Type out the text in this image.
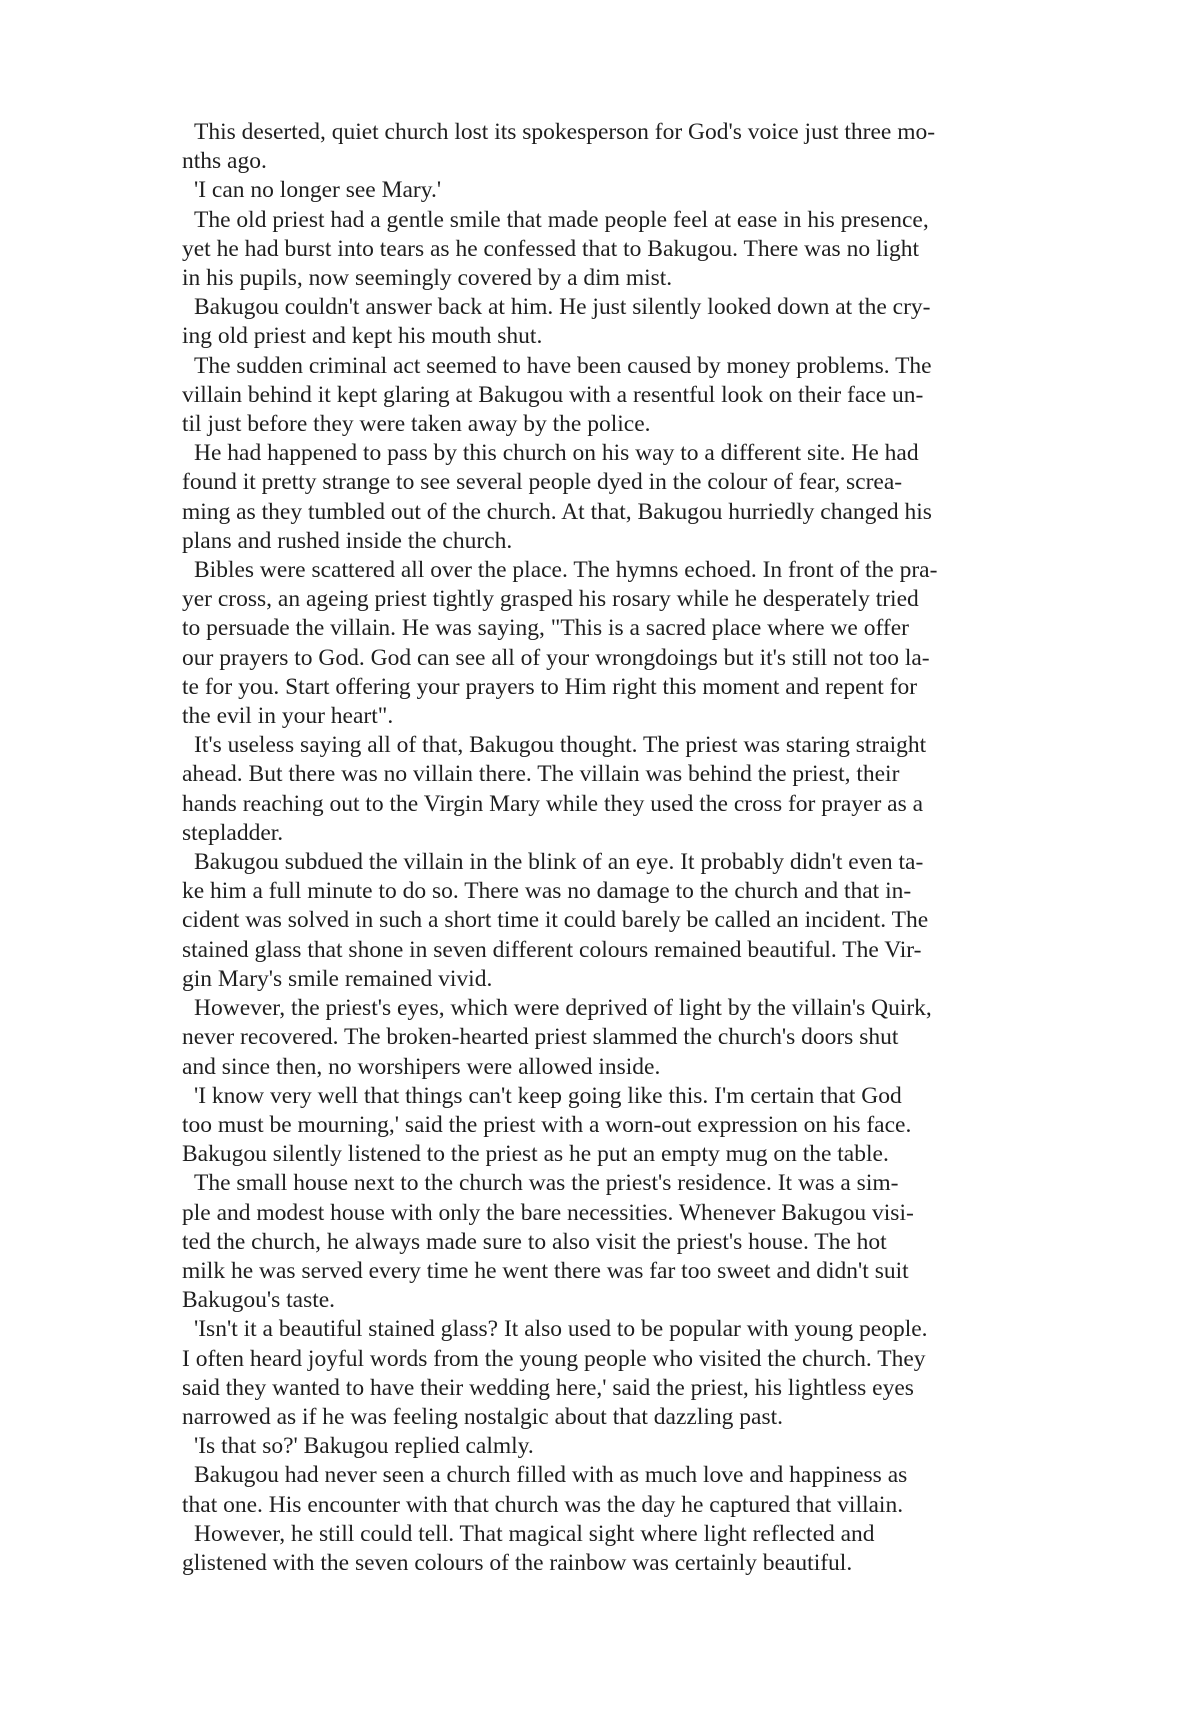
This deserted, quiet church lost its spokesperson for God's voice just three mo-
nths ago.
'I can no longer see Mary.'
The old priest had a gentle smile that made people feel at ease in his presence,
yet he had burst into tears as he confessed that to Bakugou. There was no light
in his pupils, now seemingly covered by a dim mist.
Bakugou couldn't answer back at him. He just silently looked down at the cry-
ing old priest and kept his mouth shut.
The sudden criminal act seemed to have been caused by money problems. The
villain behind it kept glaring at Bakugou with a resentful look on their face un-
til just before they were taken away by the police.
He had happened to pass by this church on his way to a different site. He had
found it pretty strange to see several people dyed in the colour of fear, screa-
ming as they tumbled out of the church. At that, Bakugou hurriedly changed his
plans and rushed inside the church.
Bibles were scattered all over the place. The hymns echoed. In front of the pra-
yer cross, an ageing priest tightly grasped his rosary while he desperately tried
to persuade the villain. He was saying, "This is a sacred place where we offer
our prayers to God. God can see all of your wrongdoings but it's still not too la-
te for you. Start offering your prayers to Him right this moment and repent for
the evil in your heart".
It's useless saying all of that, Bakugou thought. The priest was staring straight
ahead. But there was no villain there. The villain was behind the priest, their
hands reaching out to the Virgin Mary while they used the cross for prayer as a
stepladder.
Bakugou subdued the villain in the blink of an eye. It probably didn't even ta-
ke him a full minute to do so. There was no damage to the church and that in-
cident was solved in such a short time it could barely be called an incident. The
stained glass that shone in seven different colours remained beautiful. The Vir-
gin Mary's smile remained vivid.
However, the priest's eyes, which were deprived of light by the villain's Quirk,
never recovered. The broken-hearted priest slammed the church's doors shut
and since then, no worshipers were allowed inside.
'I know very well that things can't keep going like this. I'm certain that God
too must be mourning,' said the priest with a worn-out expression on his face.
Bakugou silently listened to the priest as he put an empty mug on the table.
The small house next to the church was the priest's residence. It was a sim-
ple and modest house with only the bare necessities. Whenever Bakugou visi-
ted the church, he always made sure to also visit the priest's house. The hot
milk he was served every time he went there was far too sweet and didn't suit
Bakugou's taste.
'Isn't it a beautiful stained glass? It also used to be popular with young people.
I often heard joyful words from the young people who visited the church. They
said they wanted to have their wedding here,' said the priest, his lightless eyes
narrowed as if he was feeling nostalgic about that dazzling past.
'Is that so?' Bakugou replied calmly.
Bakugou had never seen a church filled with as much love and happiness as
that one. His encounter with that church was the day he captured that villain.
However, he still could tell. That magical sight where light reflected and
glistened with the seven colours of the rainbow was certainly beautiful.
